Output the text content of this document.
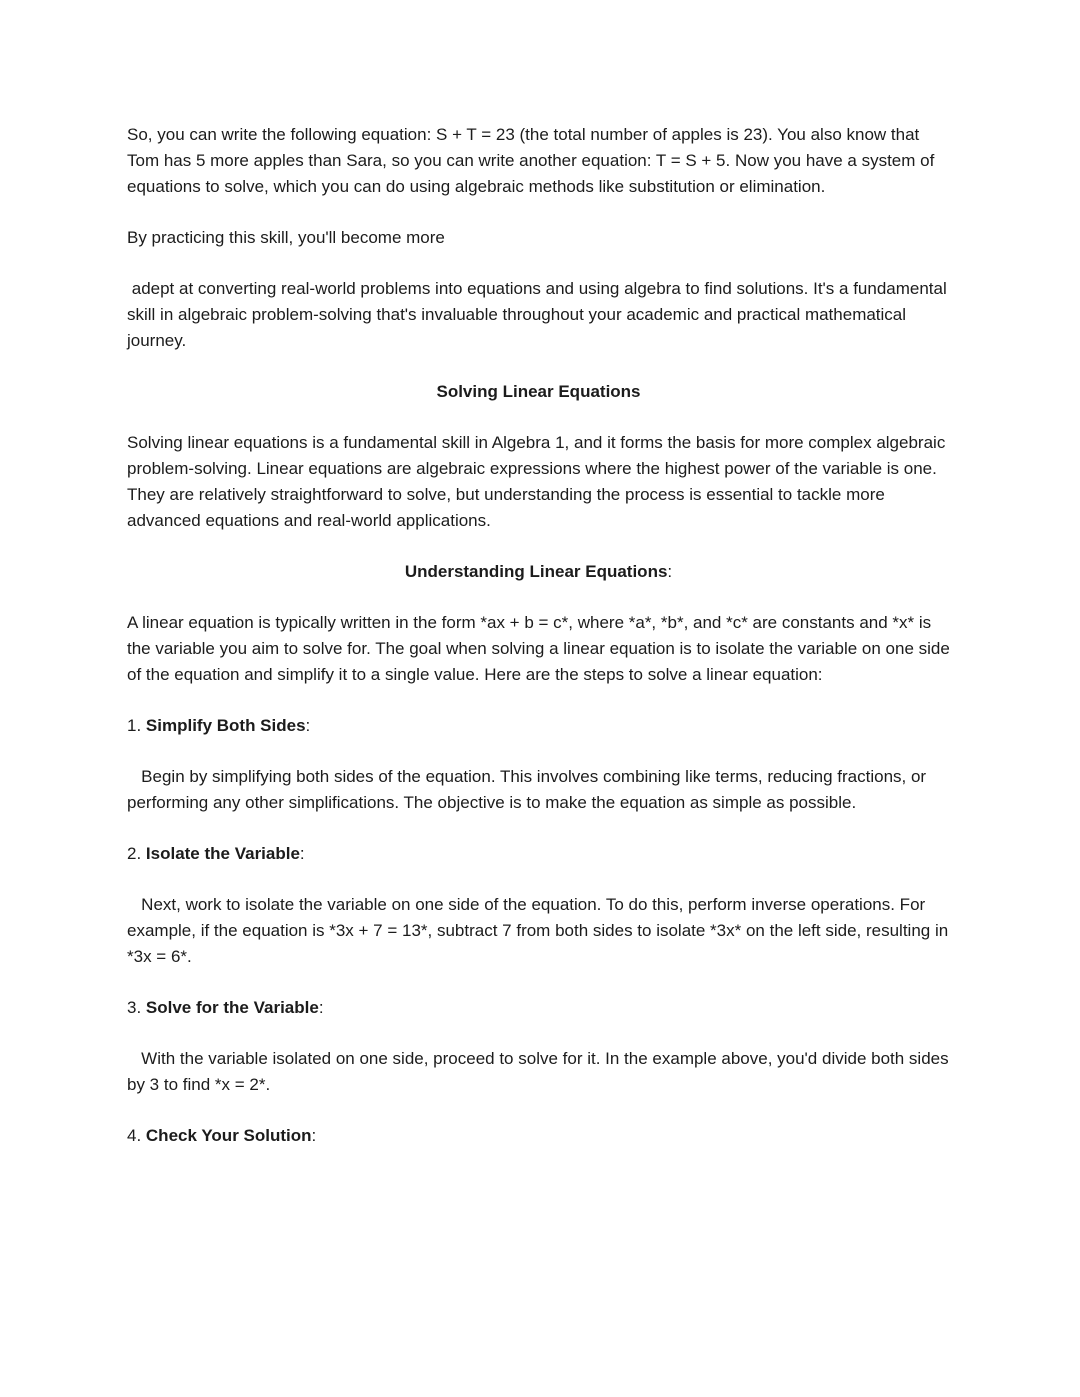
So, you can write the following equation: S + T = 23 (the total number of apples is 23). You also know that Tom has 5 more apples than Sara, so you can write another equation: T = S + 5. Now you have a system of equations to solve, which you can do using algebraic methods like substitution or elimination.

By practicing this skill, you'll become more

adept at converting real-world problems into equations and using algebra to find solutions. It's a fundamental skill in algebraic problem-solving that's invaluable throughout your academic and practical mathematical journey.

Solving Linear Equations

Solving linear equations is a fundamental skill in Algebra 1, and it forms the basis for more complex algebraic problem-solving. Linear equations are algebraic expressions where the highest power of the variable is one. They are relatively straightforward to solve, but understanding the process is essential to tackle more advanced equations and real-world applications.

Understanding Linear Equations:

A linear equation is typically written in the form *ax + b = c*, where *a*, *b*, and *c* are constants and *x* is the variable you aim to solve for. The goal when solving a linear equation is to isolate the variable on one side of the equation and simplify it to a single value. Here are the steps to solve a linear equation:

1. Simplify Both Sides:

Begin by simplifying both sides of the equation. This involves combining like terms, reducing fractions, or performing any other simplifications. The objective is to make the equation as simple as possible.

2. Isolate the Variable:

Next, work to isolate the variable on one side of the equation. To do this, perform inverse operations. For example, if the equation is *3x + 7 = 13*, subtract 7 from both sides to isolate *3x* on the left side, resulting in *3x = 6*.

3. Solve for the Variable:

With the variable isolated on one side, proceed to solve for it. In the example above, you'd divide both sides by 3 to find *x = 2*.

4. Check Your Solution:
